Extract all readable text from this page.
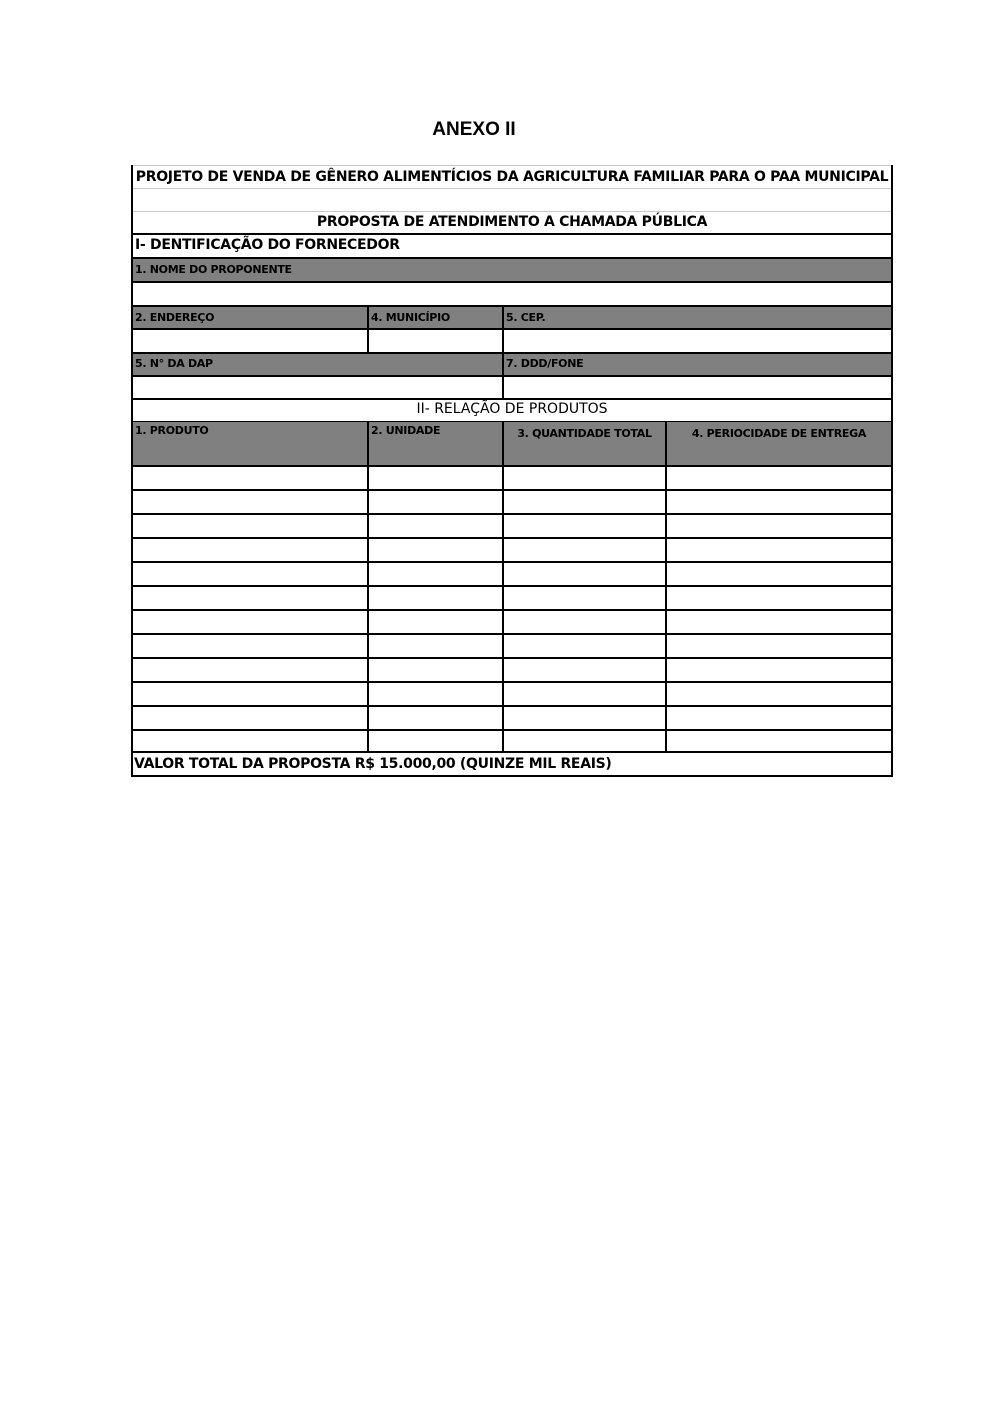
ANEXO II
PROJETO DE VENDA DE GÊNERO ALIMENTÍCIOS DA AGRICULTURA FAMILIAR PARA O PAA MUNICIPAL
PROPOSTA DE ATENDIMENTO A CHAMADA PÚBLICA
I- DENTIFICAÇÃO DO FORNECEDOR
1. NOME DO PROPONENTE
2. ENDEREÇO	4. MUNICÍPIO	5. CEP.
5. N° DA DAP	7. DDD/FONE
II- RELAÇÃO DE PRODUTOS
1. PRODUTO	2. UNIDADE	3. QUANTIDADE TOTAL	4. PERIOCIDADE DE ENTREGA
VALOR TOTAL DA PROPOSTA R$ 15.000,00 (QUINZE MIL REAIS)
